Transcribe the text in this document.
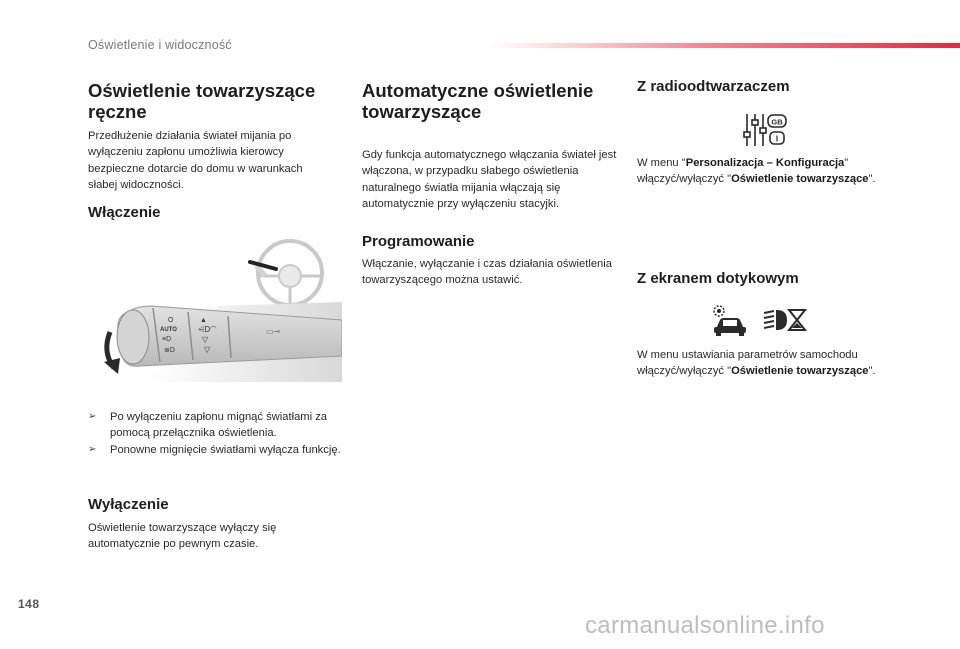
Oświetlenie i widoczność
Oświetlenie towarzyszące ręczne

Przedłużenie działania świateł mijania po wyłączeniu zapłonu umożliwia kierowcy bezpieczne dotarcie do domu w warunkach słabej widoczności.

Włączenie
O
AUTO
≡D
≣D
▲
⩤D◠
▽
▽
▭⊸
➢ Po wyłączeniu zapłonu mignąć światłami za pomocą przełącznika oświetlenia.
➢ Ponowne mignięcie światłami wyłącza funkcję.
Wyłączenie

Oświetlenie towarzyszące wyłączy się automatycznie po pewnym czasie.

Automatyczne oświetlenie towarzyszące

Gdy funkcja automatycznego włączania świateł jest włączona, w przypadku słabego oświetlenia naturalnego światła mijania włączają się automatycznie przy wyłączeniu stacyjki.

Programowanie

Włączanie, wyłączanie i czas działania oświetlenia towarzyszącego można ustawić.

Z radioodtwarzaczem
GB
I

W menu "Personalizacja – Konfiguracja" włączyć/wyłączyć "Oświetlenie towarzyszące".

Z ekranem dotykowym

W menu ustawiania parametrów samochodu włączyć/wyłączyć "Oświetlenie towarzyszące".

148
carmanualsonline.info
